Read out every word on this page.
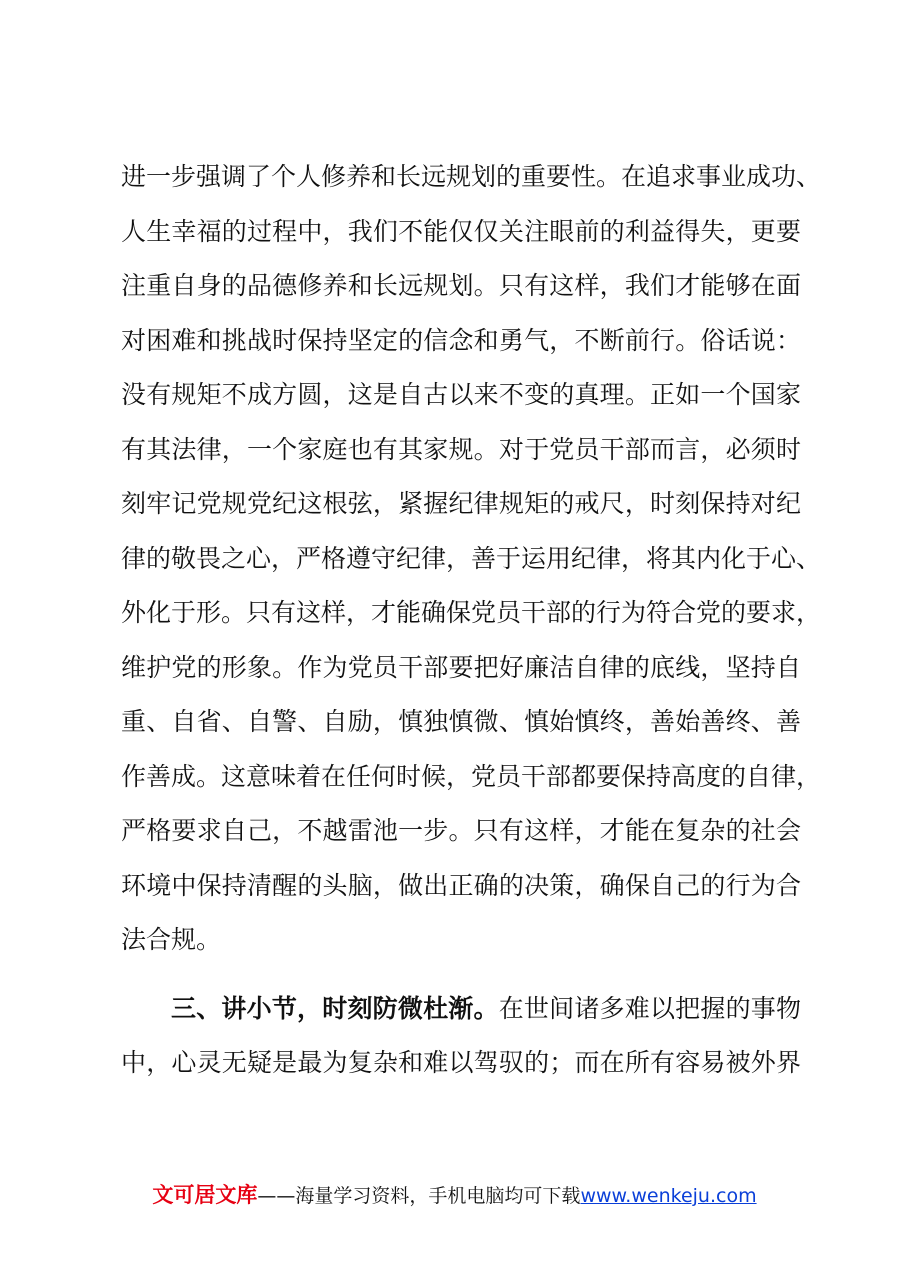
进一步强调了个人修养和长远规划的重要性。在追求事业成功、
人生幸福的过程中，我们不能仅仅关注眼前的利益得失，更要
注重自身的品德修养和长远规划。只有这样，我们才能够在面
对困难和挑战时保持坚定的信念和勇气，不断前行。俗话说：
没有规矩不成方圆，这是自古以来不变的真理。正如一个国家
有其法律，一个家庭也有其家规。对于党员干部而言，必须时
刻牢记党规党纪这根弦，紧握纪律规矩的戒尺，时刻保持对纪
律的敬畏之心，严格遵守纪律，善于运用纪律，将其内化于心、
外化于形。只有这样，才能确保党员干部的行为符合党的要求，
维护党的形象。作为党员干部要把好廉洁自律的底线，坚持自
重、自省、自警、自励，慎独慎微、慎始慎终，善始善终、善
作善成。这意味着在任何时候，党员干部都要保持高度的自律，
严格要求自己，不越雷池一步。只有这样，才能在复杂的社会
环境中保持清醒的头脑，做出正确的决策，确保自己的行为合
法合规。
三、讲小节，时刻防微杜渐。在世间诸多难以把握的事物
中，心灵无疑是最为复杂和难以驾驭的；而在所有容易被外界
文可居文库——海量学习资料，手机电脑均可下载www.wenkeju.com
